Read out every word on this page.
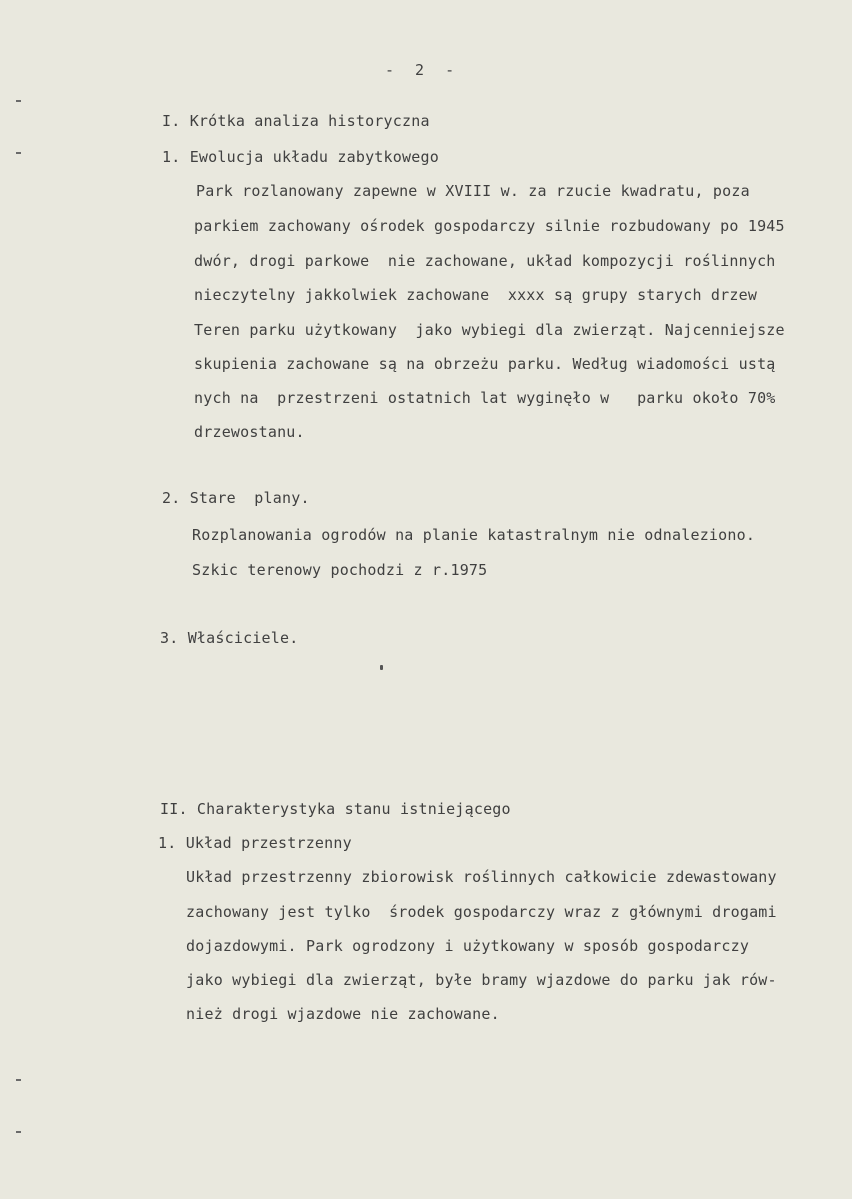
- 2 -
I. Krótka analiza historyczna
1. Ewolucja układu zabytkowego
Park rozlanowany zapewne w XVIII w. za rzucie kwadratu, poza
parkiem zachowany ośrodek gospodarczy silnie rozbudowany po 1945
dwór, drogi parkowe  nie zachowane, układ kompozycji roślinnych
nieczytelny jakkolwiek zachowane  xxxx są grupy starych drzew
Teren parku użytkowany  jako wybiegi dla zwierząt. Najcenniejsze
skupienia zachowane są na obrzeżu parku. Według wiadomości ustą
nych na  przestrzeni ostatnich lat wyginęło w   parku około 70%
drzewostanu.
2. Stare  plany.
Rozplanowania ogrodów na planie katastralnym nie odnaleziono.
Szkic terenowy pochodzi z r.1975
3. Właściciele.
II. Charakterystyka stanu istniejącego
1. Układ przestrzenny
Układ przestrzenny zbiorowisk roślinnych całkowicie zdewastowany
zachowany jest tylko  środek gospodarczy wraz z głównymi drogami
dojazdowymi. Park ogrodzony i użytkowany w sposób gospodarczy
jako wybiegi dla zwierząt, byłe bramy wjazdowe do parku jak rów-
nież drogi wjazdowe nie zachowane.
